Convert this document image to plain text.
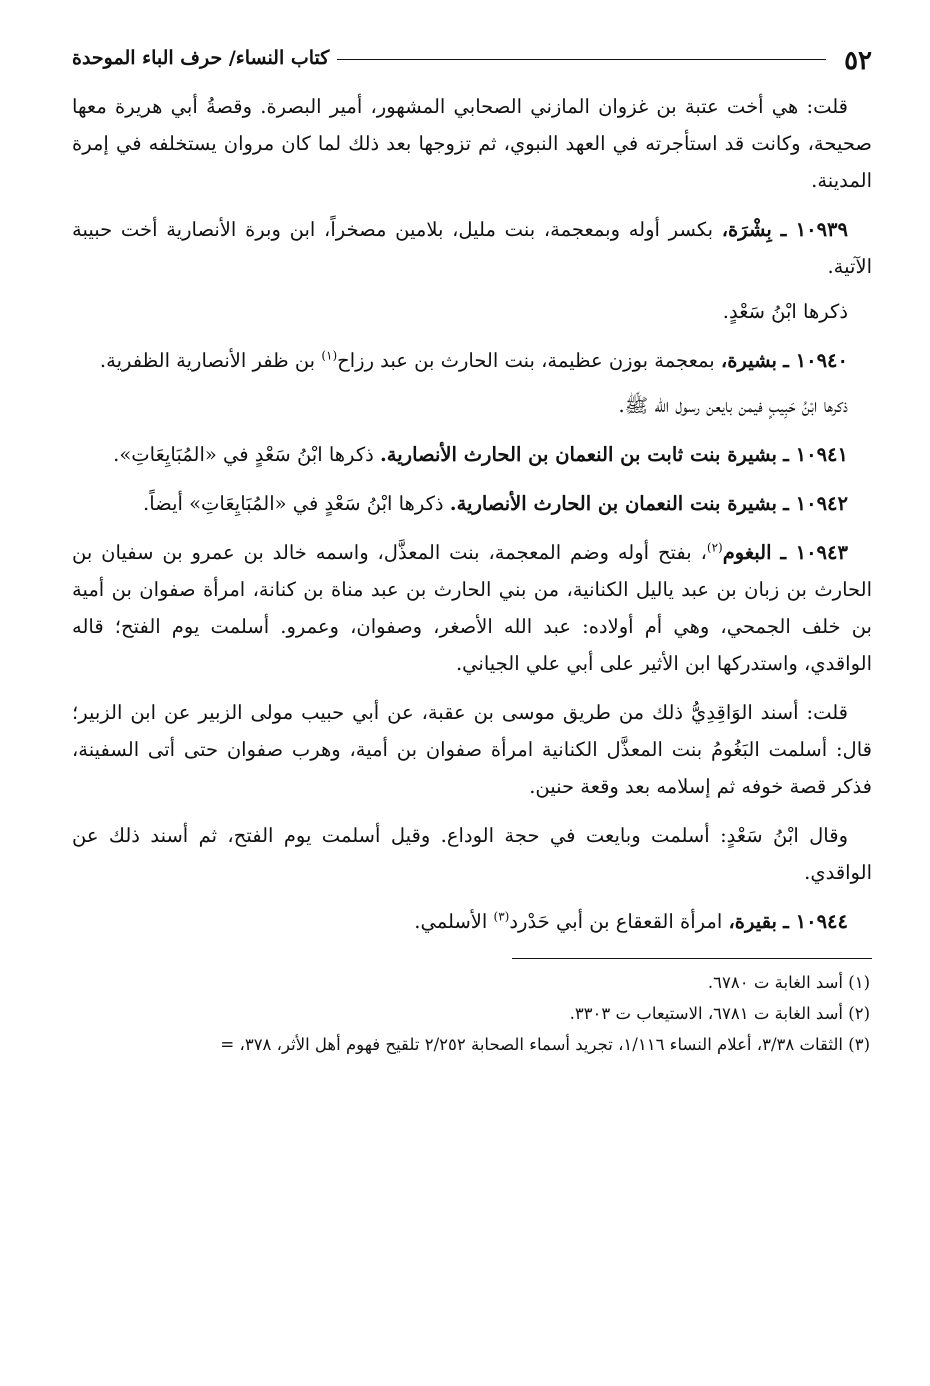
٥٢
كتاب النساء/ حرف الباء الموحدة

قلت: هي أخت عتبة بن غزوان المازني الصحابي المشهور، أمير البصرة. وقصةُ أبي هريرة معها صحيحة، وكانت قد استأجرته في العهد النبوي، ثم تزوجها بعد ذلك لما كان مروان يستخلفه في إمرة المدينة.

١٠٩٣٩ ـ بِشْرَة، بكسر أوله وبمعجمة، بنت مليل، بلامين مصخراً، ابن وبرة الأنصارية أخت حبيبة الآتية.

ذكرها ابْنُ سَعْدٍ.

١٠٩٤٠ ـ بشيرة، بمعجمة بوزن عظيمة، بنت الحارث بن عبد رزاح$^{(١)}$ بن ظفر الأنصارية الظفرية.

ذكرها ابْنُ حَبِيبٍ فيمن بايعن رسول الله ﷺ.

١٠٩٤١ ـ بشيرة بنت ثابت بن النعمان بن الحارث الأنصارية. ذكرها ابْنُ سَعْدٍ في «المُبَايِعَاتِ».

١٠٩٤٢ ـ بشيرة بنت النعمان بن الحارث الأنصارية. ذكرها ابْنُ سَعْدٍ في «المُبَايِعَاتِ» أيضاً.

١٠٩٤٣ ـ البغوم$^{(٢)}$، بفتح أوله وضم المعجمة، بنت المعذَّل، واسمه خالد بن عمرو بن سفيان بن الحارث بن زبان بن عبد ياليل الكنانية، من بني الحارث بن عبد مناة بن كنانة، امرأة صفوان بن أمية بن خلف الجمحي، وهي أم أولاده: عبد الله الأصغر، وصفوان، وعمرو. أسلمت يوم الفتح؛ قاله الواقدي، واستدركها ابن الأثير على أبي علي الجياني.

قلت: أسند الوَاقِدِيُّ ذلك من طريق موسى بن عقبة، عن أبي حبيب مولى الزبير عن ابن الزبير؛ قال: أسلمت البَغُومُ بنت المعذَّل الكنانية امرأة صفوان بن أمية، وهرب صفوان حتى أتى السفينة، فذكر قصة خوفه ثم إسلامه بعد وقعة حنين.

وقال ابْنُ سَعْدٍ: أسلمت وبايعت في حجة الوداع. وقيل أسلمت يوم الفتح، ثم أسند ذلك عن الواقدي.

١٠٩٤٤ ـ بقيرة، امرأة القعقاع بن أبي حَدْرد$^{(٣)}$ الأسلمي.

(١) أسد الغابة ت ٦٧٨٠.

(٢) أسد الغابة ت ٦٧٨١، الاستيعاب ت ٣٣٠٣.

(٣) الثقات ٣/٣٨، أعلام النساء ١/١١٦، تجريد أسماء الصحابة ٢/٢٥٢ تلقيح فهوم أهل الأثر، ٣٧٨، =
